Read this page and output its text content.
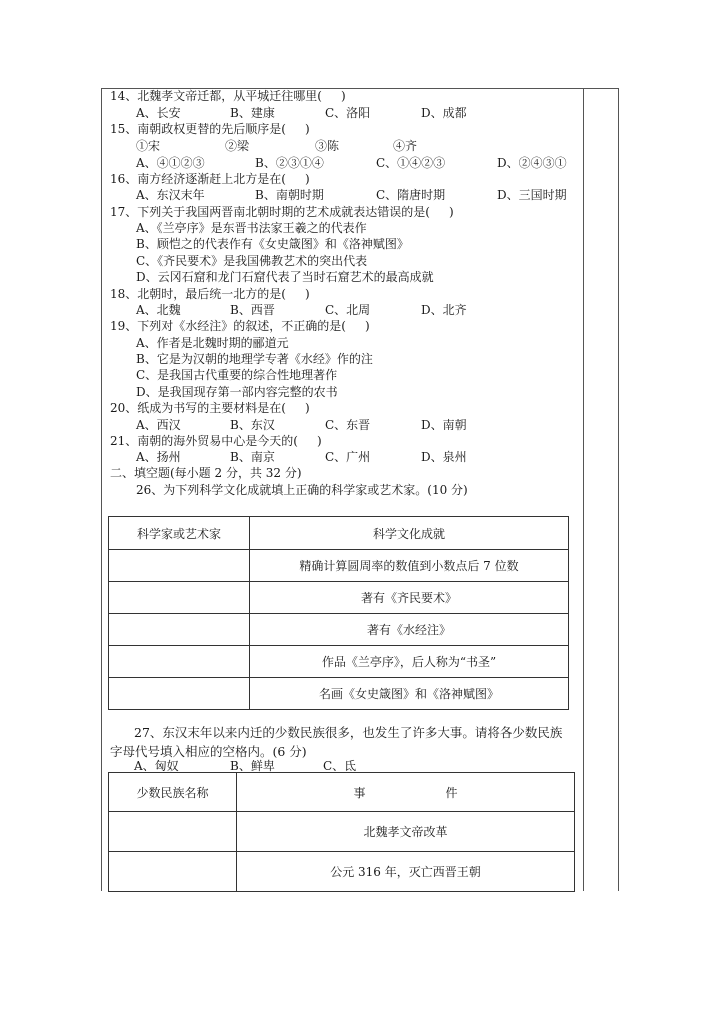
14、北魏孝文帝迁都，从平城迁往哪里(     )
A、长安	B、建康	C、洛阳	D、成都
15、南朝政权更替的先后顺序是(     )
①宋	②梁	③陈	④齐
A、④①②③	B、②③①④	C、①④②③	D、②④③①
16、南方经济逐渐赶上北方是在(     )
A、东汉末年	B、南朝时期	C、隋唐时期	D、三国时期
17、下列关于我国两晋南北朝时期的艺术成就表达错误的是(     )
A、《兰亭序》是东晋书法家王羲之的代表作
B、顾恺之的代表作有《女史箴图》和《洛神赋图》
C、《齐民要术》是我国佛教艺术的突出代表
D、云冈石窟和龙门石窟代表了当时石窟艺术的最高成就
18、北朝时，最后统一北方的是(     )
A、北魏	B、西晋	C、北周	D、北齐
19、下列对《水经注》的叙述，不正确的是(     )
A、作者是北魏时期的郦道元
B、它是为汉朝的地理学专著《水经》作的注
C、是我国古代重要的综合性地理著作
D、是我国现存第一部内容完整的农书
20、纸成为书写的主要材料是在(     )
A、西汉	B、东汉	C、东晋	D、南朝
21、南朝的海外贸易中心是今天的(     )
A、扬州	B、南京	C、广州	D、泉州
二、填空题(每小题 2 分，共 32 分)
26、为下列科学文化成就填上正确的科学家或艺术家。(10 分)
科学家或艺术家	科学文化成就
	精确计算圆周率的数值到小数点后 7 位数
	著有《齐民要术》
	著有《水经注》
	作品《兰亭序》，后人称为“书圣”
	名画《女史箴图》和《洛神赋图》
27、东汉末年以来内迁的少数民族很多，也发生了许多大事。请将各少数民族
字母代号填入相应的空格内。(6 分)
A、匈奴	B、鲜卑	C、氐
少数民族名称	事 件
	北魏孝文帝改革
	公元 316 年，灭亡西晋王朝
